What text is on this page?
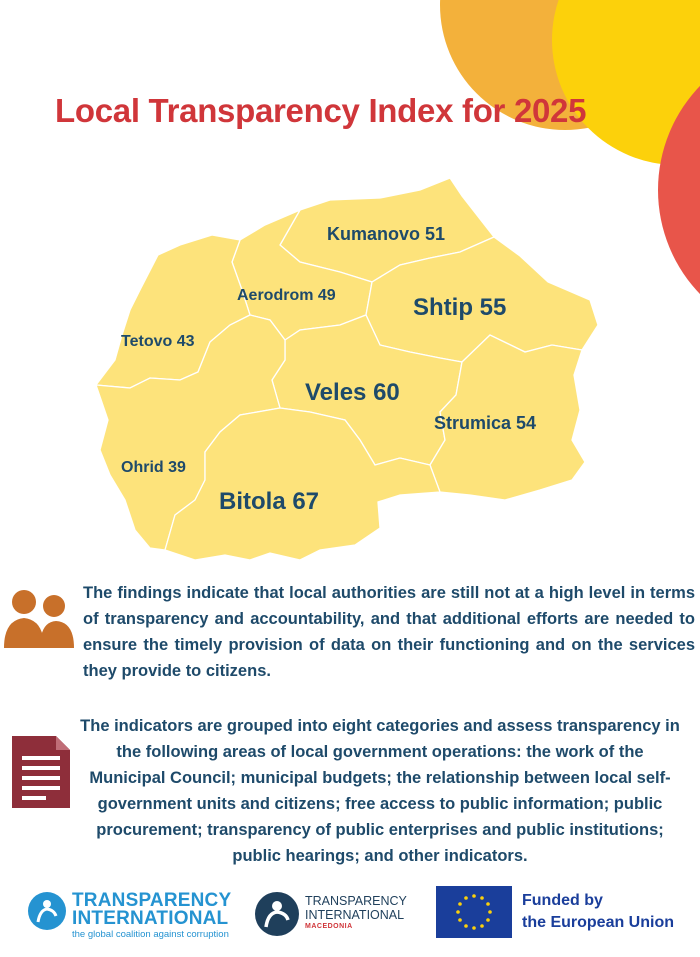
Local Transparency Index for 2025
Kumanovo 51
Aerodrom 49	Shtip 55
Tetovo 43
Veles 60
Strumica 54
Ohrid 39
Bitola 67

The findings indicate that local authorities are still not at a high level in terms of transparency and accountability, and that additional efforts are needed to ensure the timely provision of data on their functioning and on the services they provide to citizens.

The indicators are grouped into eight categories and assess transparency in the following areas of local government operations: the work of the Municipal Council; municipal budgets; the relationship between local self-government units and citizens; free access to public information; public procurement; transparency of public enterprises and public institutions; public hearings; and other indicators.

TRANSPARENCY
INTERNATIONAL
the global coalition against corruption
TRANSPARENCY
INTERNATIONAL
MACEDONIA
Funded by
the European Union
